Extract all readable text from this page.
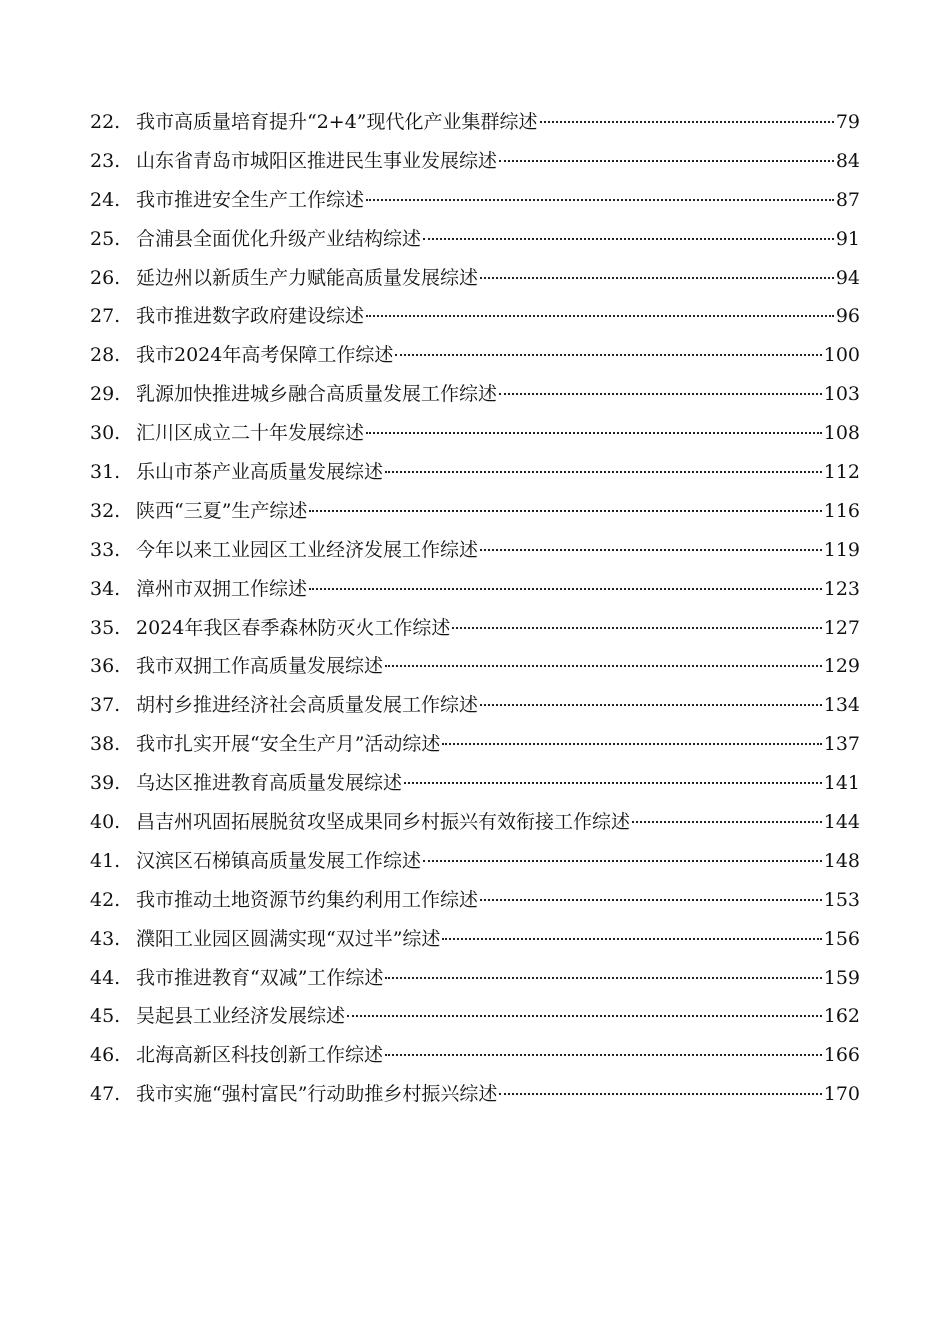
22. 我市高质量培育提升“2+4”现代化产业集群综述	79
23. 山东省青岛市城阳区推进民生事业发展综述	84
24. 我市推进安全生产工作综述	87
25. 合浦县全面优化升级产业结构综述	91
26. 延边州以新质生产力赋能高质量发展综述	94
27. 我市推进数字政府建设综述	96
28. 我市2024年高考保障工作综述	100
29. 乳源加快推进城乡融合高质量发展工作综述	103
30. 汇川区成立二十年发展综述	108
31. 乐山市茶产业高质量发展综述	112
32. 陕西“三夏”生产综述	116
33. 今年以来工业园区工业经济发展工作综述	119
34. 漳州市双拥工作综述	123
35. 2024年我区春季森林防灭火工作综述	127
36. 我市双拥工作高质量发展综述	129
37. 胡村乡推进经济社会高质量发展工作综述	134
38. 我市扎实开展“安全生产月”活动综述	137
39. 乌达区推进教育高质量发展综述	141
40. 昌吉州巩固拓展脱贫攻坚成果同乡村振兴有效衔接工作综述	144
41. 汉滨区石梯镇高质量发展工作综述	148
42. 我市推动土地资源节约集约利用工作综述	153
43. 濮阳工业园区圆满实现“双过半”综述	156
44. 我市推进教育“双减”工作综述	159
45. 吴起县工业经济发展综述	162
46. 北海高新区科技创新工作综述	166
47. 我市实施“强村富民”行动助推乡村振兴综述	170
